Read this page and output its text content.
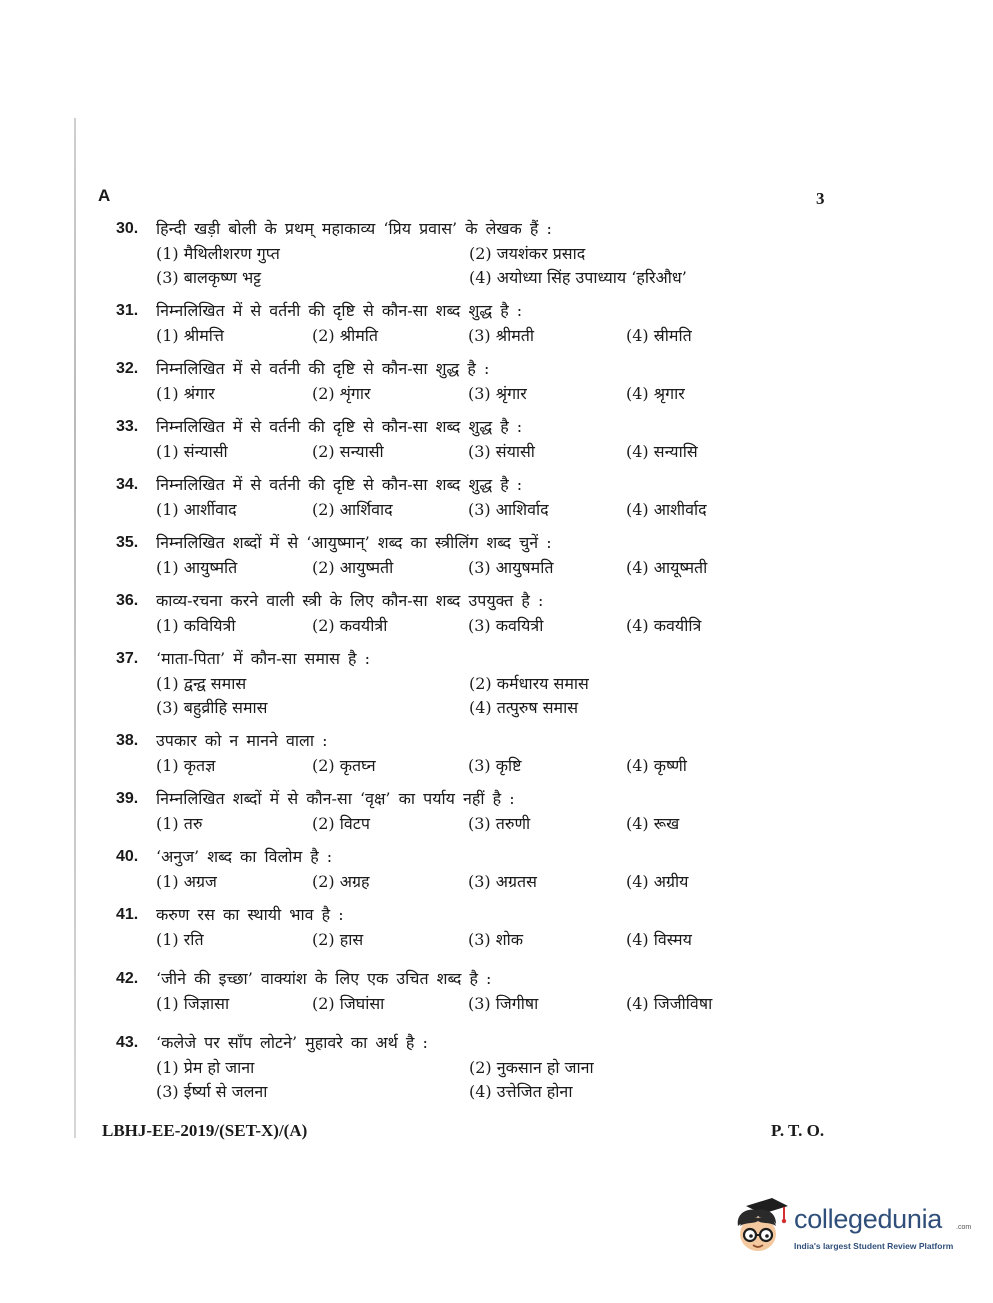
A	3
30. हिन्दी खड़ी बोली के प्रथम् महाकाव्य ‘प्रिय प्रवास’ के लेखक हैं :
(1) मैथिलीशरण गुप्त	(2) जयशंकर प्रसाद
(3) बालकृष्ण भट्ट	(4) अयोध्या सिंह उपाध्याय ‘हरिऔध’
31. निम्नलिखित में से वर्तनी की दृष्टि से कौन-सा शब्द शुद्ध है :
(1) श्रीमत्ति	(2) श्रीमति	(3) श्रीमती	(4) स्रीमति
32. निम्नलिखित में से वर्तनी की दृष्टि से कौन-सा शुद्ध है :
(1) श्रंगार	(2) शृंगार	(3) श्रृंगार	(4) श्रृगार
33. निम्नलिखित में से वर्तनी की दृष्टि से कौन-सा शब्द शुद्ध है :
(1) संन्यासी	(2) सन्यासी	(3) संयासी	(4) सन्यासि
34. निम्नलिखित में से वर्तनी की दृष्टि से कौन-सा शब्द शुद्ध है :
(1) आर्शीवाद	(2) आर्शिवाद	(3) आशिर्वाद	(4) आशीर्वाद
35. निम्नलिखित शब्दों में से ‘आयुष्मान्’ शब्द का स्त्रीलिंग शब्द चुनें :
(1) आयुष्मति	(2) आयुष्मती	(3) आयुषमति	(4) आयूष्मती
36. काव्य-रचना करने वाली स्त्री के लिए कौन-सा शब्द उपयुक्त है :
(1) कवियित्री	(2) कवयीत्री	(3) कवयित्री	(4) कवयीत्रि
37. ‘माता-पिता’ में कौन-सा समास है :
(1) द्वन्द्व समास	(2) कर्मधारय समास
(3) बहुव्रीहि समास	(4) तत्पुरुष समास
38. उपकार को न मानने वाला :
(1) कृतज्ञ	(2) कृतघ्न	(3) कृष्टि	(4) कृष्णी
39. निम्नलिखित शब्दों में से कौन-सा ‘वृक्ष’ का पर्याय नहीं है :
(1) तरु	(2) विटप	(3) तरुणी	(4) रूख
40. ‘अनुज’ शब्द का विलोम है :
(1) अग्रज	(2) अग्रह	(3) अग्रतस	(4) अग्रीय
41. करुण रस का स्थायी भाव है :
(1) रति	(2) हास	(3) शोक	(4) विस्मय
42. ‘जीने की इच्छा’ वाक्यांश के लिए एक उचित शब्द है :
(1) जिज्ञासा	(2) जिघांसा	(3) जिगीषा	(4) जिजीविषा
43. ‘कलेजे पर साँप लोटने’ मुहावरे का अर्थ है :
(1) प्रेम हो जाना	(2) नुकसान हो जाना
(3) ईर्ष्या से जलना	(4) उत्तेजित होना
LBHJ-EE-2019/(SET-X)/(A)	P. T. O.
collegedunia .com
India's largest Student Review Platform
